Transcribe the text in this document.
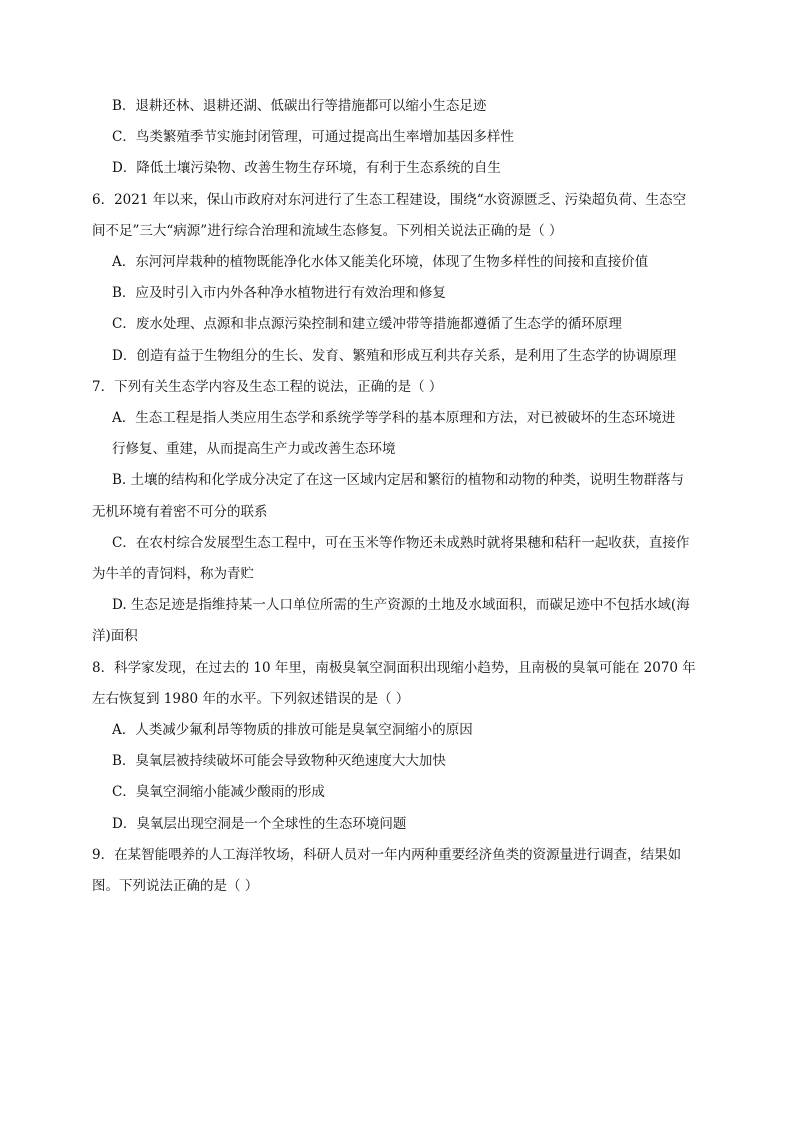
B．退耕还林、退耕还湖、低碳出行等措施都可以缩小生态足迹
C．鸟类繁殖季节实施封闭管理，可通过提高出生率增加基因多样性
D．降低土壤污染物、改善生物生存环境，有利于生态系统的自生
6．2021 年以来，保山市政府对东河进行了生态工程建设，围绕“水资源匮乏、污染超负荷、生态空
间不足”三大“病源”进行综合治理和流域生态修复。下列相关说法正确的是（ ）
A．东河河岸栽种的植物既能净化水体又能美化环境，体现了生物多样性的间接和直接价值
B．应及时引入市内外各种净水植物进行有效治理和修复
C．废水处理、点源和非点源污染控制和建立缓冲带等措施都遵循了生态学的循环原理
D．创造有益于生物组分的生长、发育、繁殖和形成互利共存关系，是利用了生态学的协调原理
7．下列有关生态学内容及生态工程的说法，正确的是（ ）
A．生态工程是指人类应用生态学和系统学等学科的基本原理和方法，对已被破坏的生态环境进
行修复、重建，从而提高生产力或改善生态环境
B. 土壤的结构和化学成分决定了在这一区域内定居和繁衍的植物和动物的种类，说明生物群落与
无机环境有着密不可分的联系
C．在农村综合发展型生态工程中，可在玉米等作物还未成熟时就将果穗和秸秆一起收获，直接作
为牛羊的青饲料，称为青贮
D. 生态足迹是指维持某一人口单位所需的生产资源的土地及水域面积，而碳足迹中不包括水域(海
洋)面积
8．科学家发现，在过去的 10 年里，南极臭氧空洞面积出现缩小趋势，且南极的臭氧可能在 2070 年
左右恢复到 1980 年的水平。下列叙述错误的是（ ）
A．人类减少氟利昂等物质的排放可能是臭氧空洞缩小的原因
B．臭氧层被持续破坏可能会导致物种灭绝速度大大加快
C．臭氧空洞缩小能减少酸雨的形成
D．臭氧层出现空洞是一个全球性的生态环境问题
9．在某智能喂养的人工海洋牧场，科研人员对一年内两种重要经济鱼类的资源量进行调查，结果如
图。下列说法正确的是（ ）
